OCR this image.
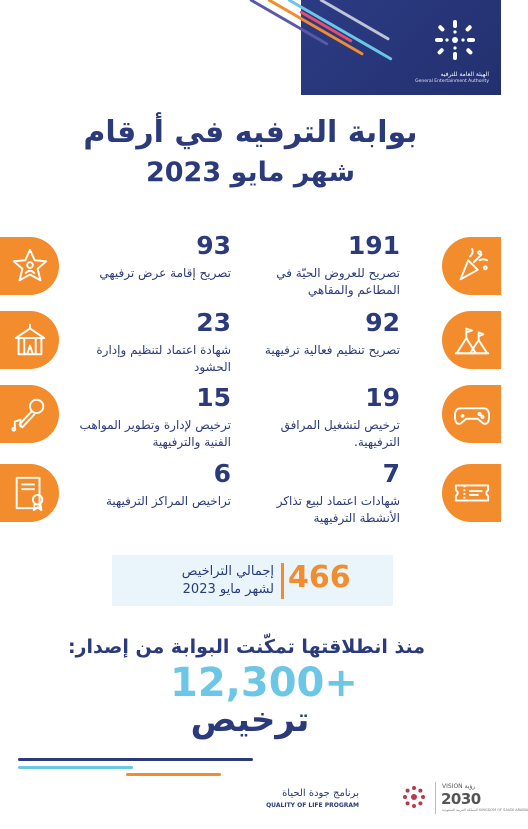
الهيئة العامة للترفيه
General Entertainment Authority
بوابة الترفيه في أرقام
شهر مايو 2023
191
تصريح للعروض الحيّة في المطاعم والمقاهي
93
تصريح إقامة عرض ترفيهي
92
تصريح تنظيم فعالية ترفيهية
23
شهادة اعتماد لتنظيم وإدارة الحشود
19
ترخيص لتشغيل المرافق الترفيهية.
15
ترخيص لإدارة وتطوير المواهب الفنية والترفيهية
7
شهادات اعتماد لبيع تذاكر الأنشطة الترفيهية
6
تراخيص المراكز الترفيهية
466
إجمالي التراخيص
لشهر مايو 2023
منذ انطلاقتها تمكّنت البوابة من إصدار:
12,300+
ترخيص
برنامج جودة الحياة
QUALITY OF LIFE PROGRAM
VISION رؤية
2030
المملكة العربية السعودية KINGDOM OF SAUDI ARABIA
